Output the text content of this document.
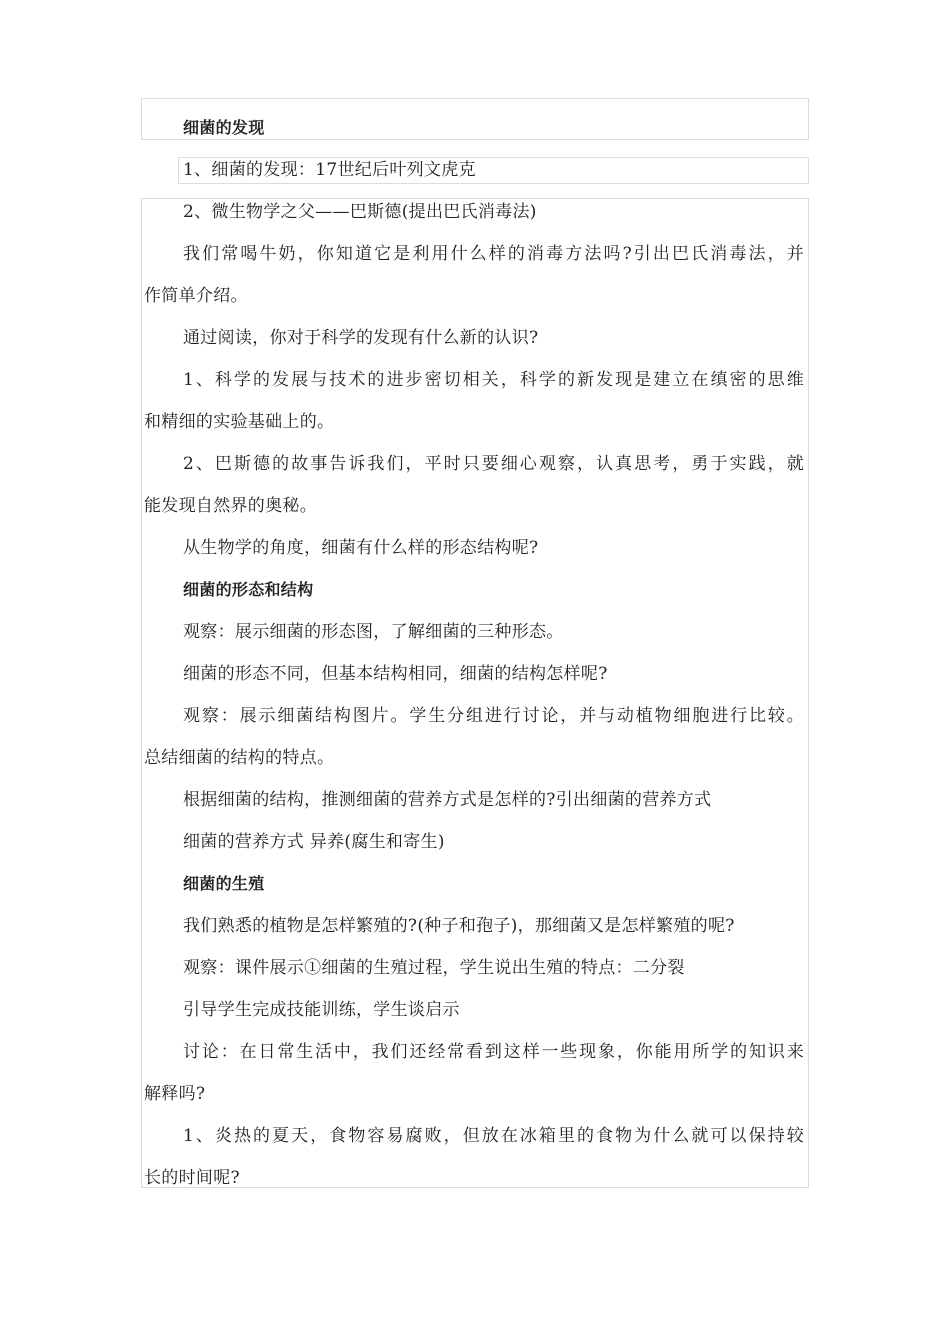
细菌的发现
1、细菌的发现：17世纪后叶列文虎克
2、微生物学之父——巴斯德(提出巴氏消毒法)
我们常喝牛奶，你知道它是利用什么样的消毒方法吗?引出巴氏消毒法，并
作简单介绍。
通过阅读，你对于科学的发现有什么新的认识?
1、科学的发展与技术的进步密切相关，科学的新发现是建立在缜密的思维
和精细的实验基础上的。
2、巴斯德的故事告诉我们，平时只要细心观察，认真思考，勇于实践，就
能发现自然界的奥秘。
从生物学的角度，细菌有什么样的形态结构呢?
细菌的形态和结构
观察：展示细菌的形态图，了解细菌的三种形态。
细菌的形态不同，但基本结构相同，细菌的结构怎样呢?
观察：展示细菌结构图片。学生分组进行讨论，并与动植物细胞进行比较。
总结细菌的结构的特点。
根据细菌的结构，推测细菌的营养方式是怎样的?引出细菌的营养方式
细菌的营养方式 异养(腐生和寄生)
细菌的生殖
我们熟悉的植物是怎样繁殖的?(种子和孢子)，那细菌又是怎样繁殖的呢?
观察：课件展示①细菌的生殖过程，学生说出生殖的特点：二分裂
引导学生完成技能训练，学生谈启示
讨论：在日常生活中，我们还经常看到这样一些现象，你能用所学的知识来
解释吗?
1、炎热的夏天，食物容易腐败，但放在冰箱里的食物为什么就可以保持较
长的时间呢?
